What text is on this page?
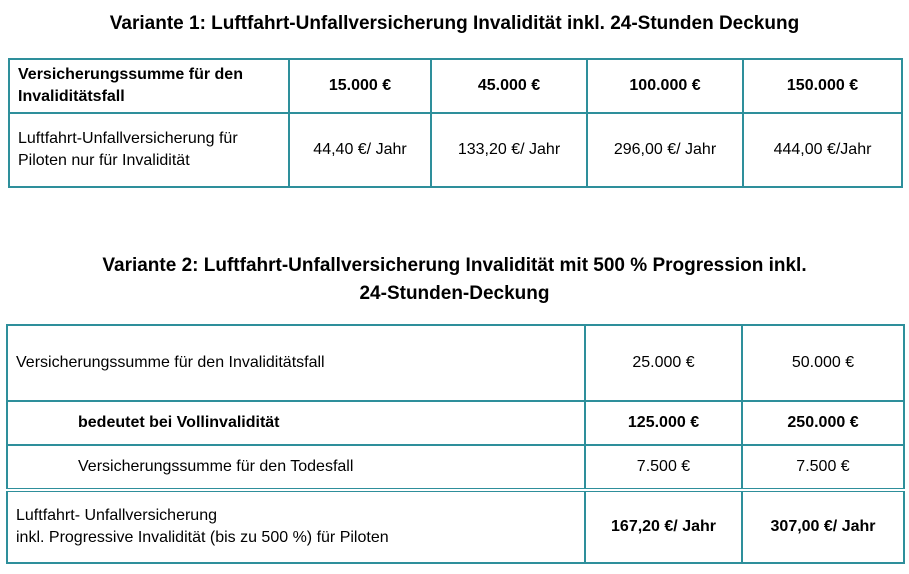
Variante 1: Luftfahrt-Unfallversicherung Invalidität inkl. 24-Stunden Deckung
Versicherungssumme für den Invaliditätsfall	15.000 €	45.000 €	100.000 €	150.000 €
Luftfahrt-Unfallversicherung für
Piloten nur für Invalidität	44,40 €/ Jahr	133,20 €/ Jahr	296,00 €/ Jahr	444,00 €/Jahr
Variante 2: Luftfahrt-Unfallversicherung Invalidität mit 500 % Progression inkl.
24-Stunden-Deckung
Versicherungssumme für den Invaliditätsfall	25.000 €	50.000 €
bedeutet bei Vollinvalidität	125.000 €	250.000 €
Versicherungssumme für den Todesfall	7.500 €	7.500 €
Luftfahrt- Unfallversicherung
inkl. Progressive Invalidität (bis zu 500 %) für Piloten	167,20 €/ Jahr	307,00 €/ Jahr
